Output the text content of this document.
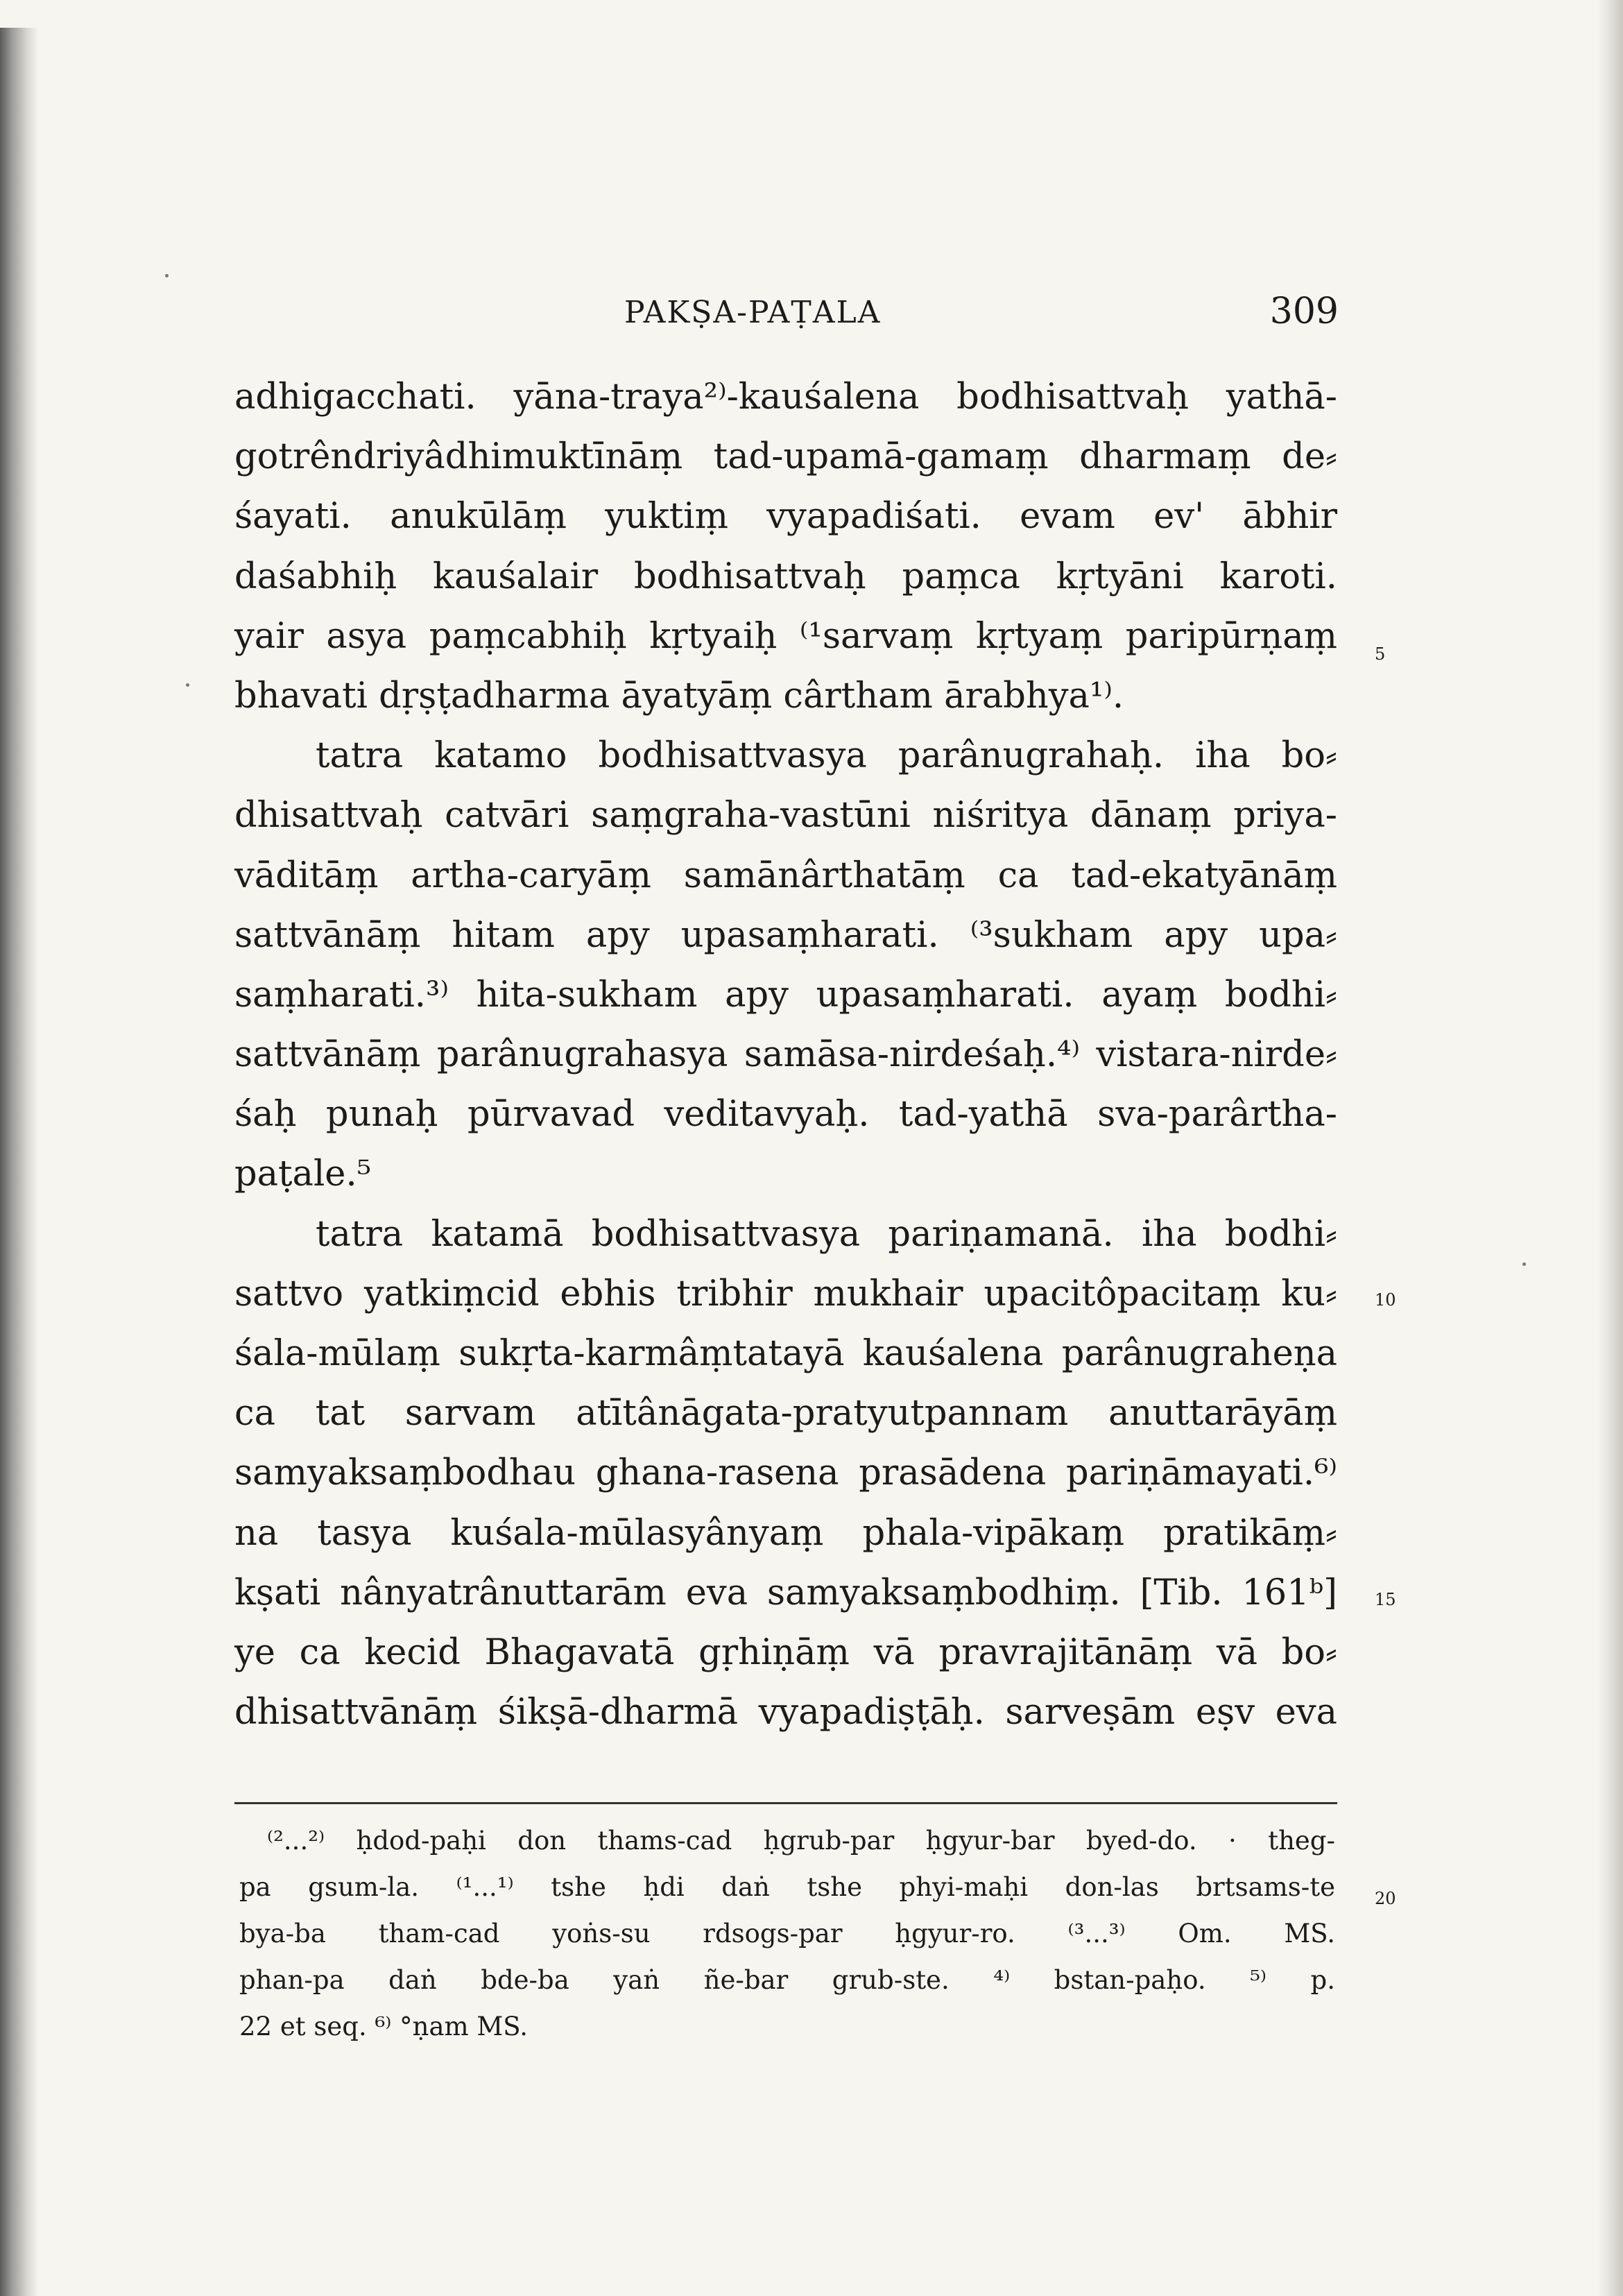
PAKṢA-PAṬALA	309
adhigacchati. yāna-traya²⁾-kauśalena bodhisattvaḥ yathā-
gotrêndriyâdhimuktīnāṃ tad-upamā-gamaṃ dharmaṃ de⸗
śayati. anukūlāṃ yuktiṃ vyapadiśati. evam ev' ābhir
daśabhiḥ kauśalair bodhisattvaḥ paṃca kṛtyāni karoti.
yair asya paṃcabhiḥ kṛtyaiḥ ⁽¹sarvaṃ kṛtyaṃ paripūrṇaṃ
bhavati dṛṣṭadharma āyatyāṃ cârtham ārabhya¹⁾.
tatra katamo bodhisattvasya parânugrahaḥ. iha bo⸗
dhisattvaḥ catvāri saṃgraha-vastūni niśritya dānaṃ priya-
vāditāṃ artha-caryāṃ samānârthatāṃ ca tad-ekatyānāṃ
sattvānāṃ hitam apy upasaṃharati. ⁽³sukham apy upa⸗
saṃharati.³⁾ hita-sukham apy upasaṃharati. ayaṃ bodhi⸗
sattvānāṃ parânugrahasya samāsa-nirdeśaḥ.⁴⁾ vistara-nirde⸗
śaḥ punaḥ pūrvavad veditavyaḥ. tad-yathā sva-parârtha-
paṭale.⁵
tatra katamā bodhisattvasya pariṇamanā. iha bodhi⸗
sattvo yatkiṃcid ebhis tribhir mukhair upacitôpacitaṃ ku⸗
śala-mūlaṃ sukṛta-karmâṃtatayā kauśalena parânugraheṇa
ca tat sarvam atītânāgata-pratyutpannam anuttarāyāṃ
samyaksaṃbodhau ghana-rasena prasādena pariṇāmayati.⁶⁾
na tasya kuśala-mūlasyânyaṃ phala-vipākaṃ pratikāṃ⸗
kṣati nânyatrânuttarām eva samyaksaṃbodhiṃ. [Tib. 161ᵇ]
ye ca kecid Bhagavatā gṛhiṇāṃ vā pravrajitānāṃ vā bo⸗
dhisattvānāṃ śikṣā-dharmā vyapadiṣṭāḥ. sarveṣām eṣv eva
5
10
15
20
⁽²...²⁾ ḥdod-paḥi don thams-cad ḥgrub-par ḥgyur-bar byed-do. · theg-
pa gsum-la. ⁽¹...¹⁾ tshe ḥdi daṅ tshe phyi-maḥi don-las brtsams-te
bya-ba tham-cad yoṅs-su rdsogs-par ḥgyur-ro. ⁽³...³⁾ Om. MS.
phan-pa daṅ bde-ba yaṅ ñe-bar grub-ste. ⁴⁾ bstan-paḥo. ⁵⁾ p.
22 et seq. ⁶⁾ °ṇam MS.
